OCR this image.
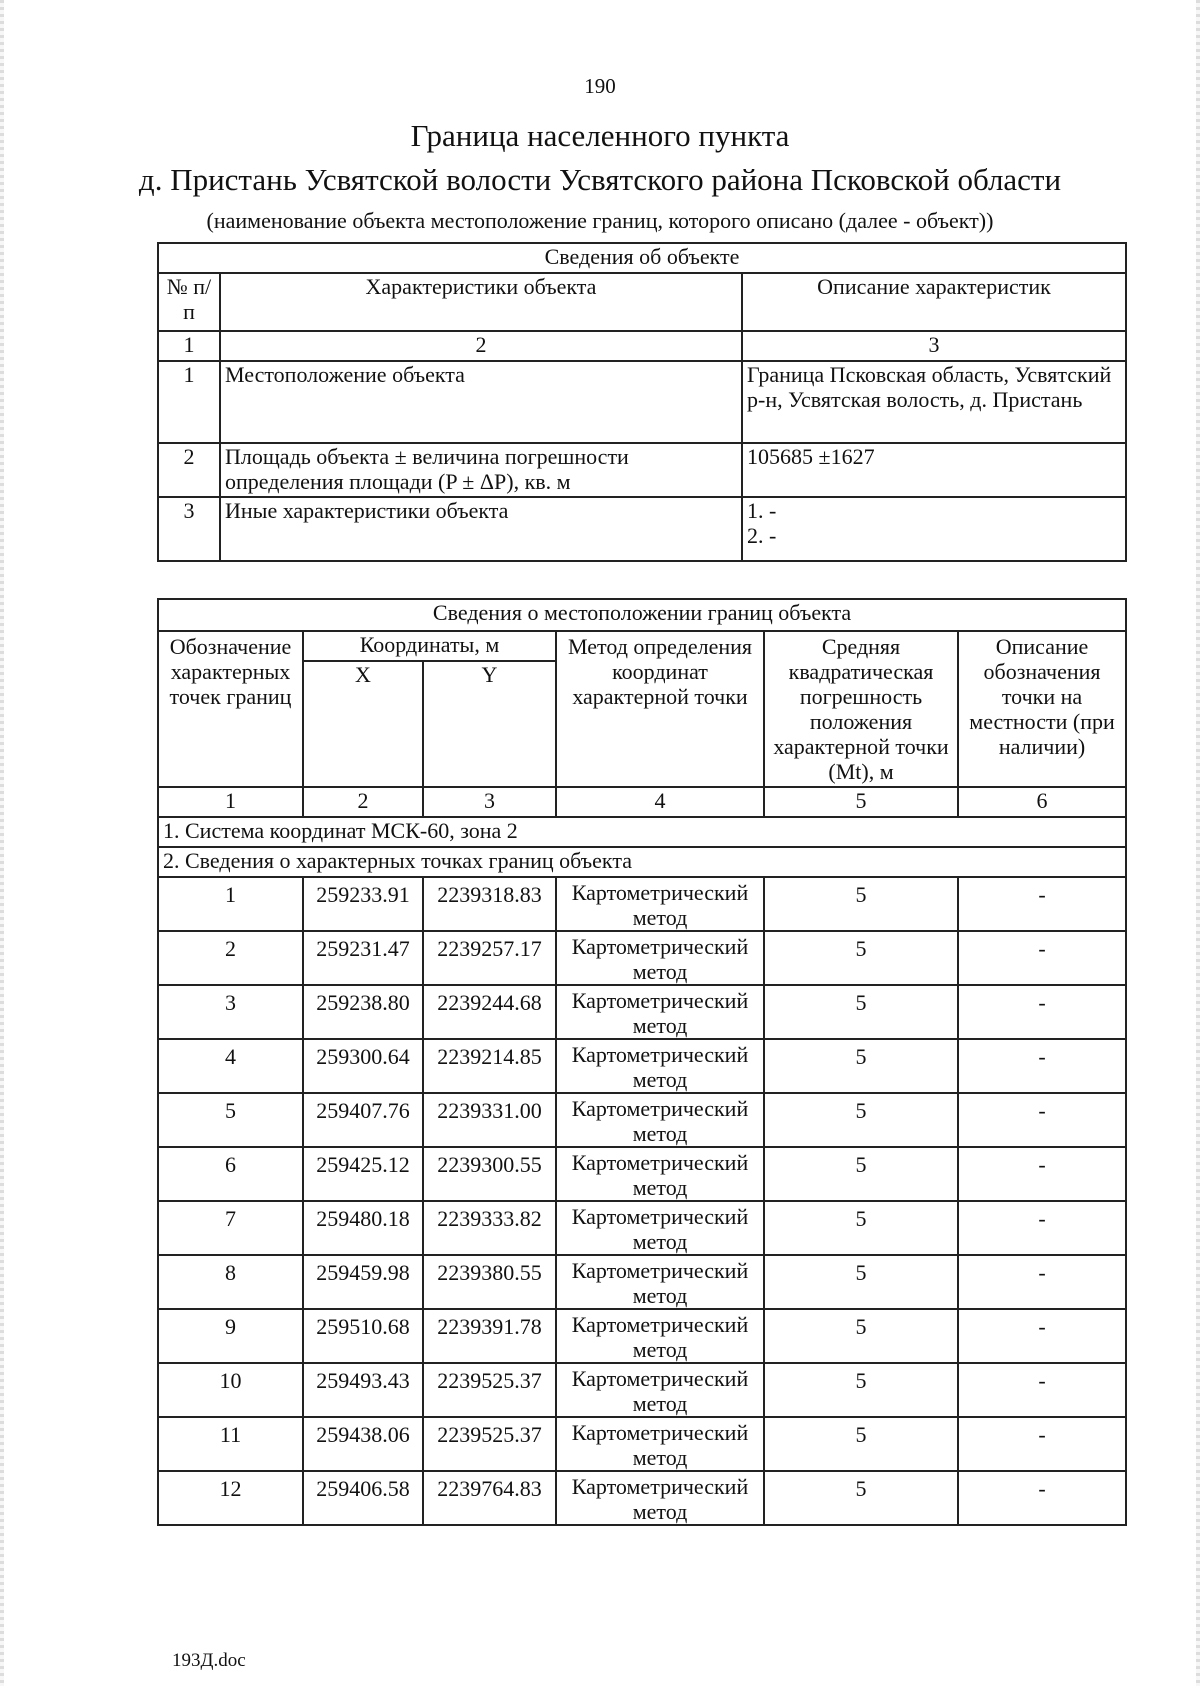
190
Граница населенного пункта
д. Пристань Усвятской волости Усвятского района Псковской области
(наименование объекта местоположение границ, которого описано (далее - объект))
Сведения об объекте		
№ п/п	Характеристики объекта	Описание характеристик
1	2	3
1	Местоположение объекта	Граница Псковская область, Усвятский р-н, Усвятская волость, д. Пристань
2	Площадь объекта ± величина погрешности определения площади (P ± ΔP), кв. м	105685 ±1627
3	Иные характеристики объекта	1. -
2. -
Сведения о местоположении границ объекта					
Обозначение характерных точек границ	Координаты, м		Метод определения координат характерной точки	Средняя квадратическая погрешность положения характерной точки (Mt), м	Описание обозначения точки на местности (при наличии)
	X	Y			
1	2	3	4	5	6
1. Система координат МСК-60, зона 2					
2. Сведения о характерных точках границ объекта					
1	259233.91	2239318.83	Картометрический метод	5	-
2	259231.47	2239257.17	Картометрический метод	5	-
3	259238.80	2239244.68	Картометрический метод	5	-
4	259300.64	2239214.85	Картометрический метод	5	-
5	259407.76	2239331.00	Картометрический метод	5	-
6	259425.12	2239300.55	Картометрический метод	5	-
7	259480.18	2239333.82	Картометрический метод	5	-
8	259459.98	2239380.55	Картометрический метод	5	-
9	259510.68	2239391.78	Картометрический метод	5	-
10	259493.43	2239525.37	Картометрический метод	5	-
11	259438.06	2239525.37	Картометрический метод	5	-
12	259406.58	2239764.83	Картометрический метод	5	-
193Д.doc
